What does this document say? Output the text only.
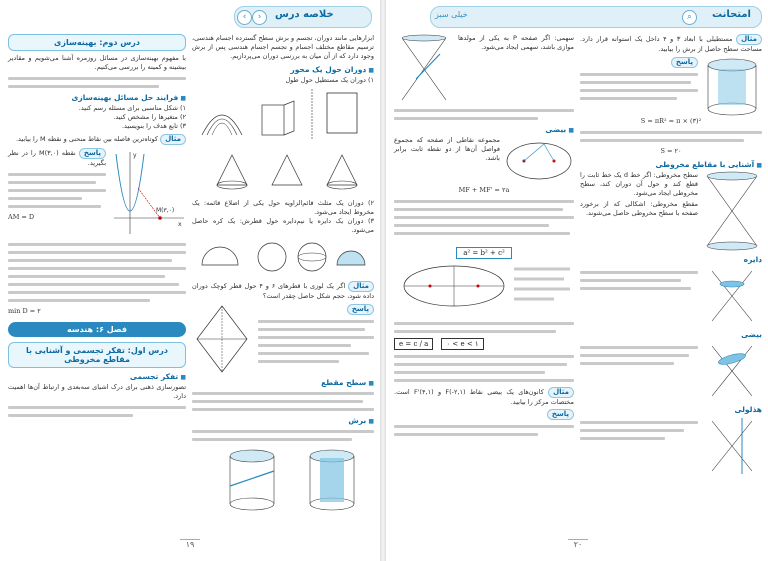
‹	›	خلاصه درس
ابزارهایی مانند دوران، تجسم و برش سطح گسترده اجسام هندسی، ترسیم مقاطع مختلف اجسام و تجسم اجسام هندسی پس از برش وجود دارد که از آن میان به بررسی دوران می‌پردازیم.
■ دوران حول یک محور
۱) دوران یک مستطیل حول طول
۲) دوران یک مثلث قائم‌الزاویه حول یکی از اضلاع قائمه: یک مخروط ایجاد می‌شود.
۳) دوران یک دایره یا نیم‌دایره حول قطرش: یک کره حاصل می‌شود.
مثال اگر یک لوزی با قطرهای ۶ و ۴ حول قطر کوچک دوران داده شود، حجم شکل حاصل چقدر است؟
پاسخ
■ سطح مقطع
■ برش
درس دوم: بهینه‌سازی
با مفهوم بهینه‌سازی در مسائل روزمره آشنا می‌شویم و مقادیر بیشینه و کمینه را بررسی می‌کنیم.
■ فرایند حل مسائل بهینه‌سازی
۱) شکل مناسبی برای مسئله رسم کنید.
۲) متغیرها را مشخص کنید.
۳) تابع هدف را بنویسید.
مثال کوتاه‌ترین فاصله بین نقاط منحنی و نقطه M را بیابید.
پاسخ نقطه M(۳,۰) را در نظر بگیرید.
AM = D
M(۳,۰)
x
y
min D = ۲
فصل ۶: هندسه
درس اول: تفکر تجسمی و آشنایی با مقاطع مخروطی
■ تفکر تجسمی
تصورسازی ذهنی برای درک اشیای سه‌بعدی و ارتباط آن‌ها اهمیت دارد.
۱۹
خیلی سبز	امتحانت
⌕
مثال مستطیلی با ابعاد ۳ و ۴ داخل یک استوانه قرار دارد. مساحت سطح حاصل از برش را بیابید.
پاسخ
S = πR² = π × (۳)²
S = ۲۰
■ آشنایی با مقاطع مخروطی
سطح مخروطی: اگر خط d یک خط ثابت را قطع کند و حول آن دوران کند، سطح مخروطی ایجاد می‌شود.
مقطع مخروطی: اشکالی که از برخورد صفحه با سطح مخروطی حاصل می‌شوند.
دایره
بیضی
هذلولی
سهمی: اگر صفحه P به یکی از مولدها موازی باشد، سهمی ایجاد می‌شود.
■ بیضی
مجموعه نقاطی از صفحه که مجموع فواصل آن‌ها از دو نقطه ثابت برابر باشد.
MF + MF' = ۲a
a² = b² + c²
e = c / a	۰ < e < ۱
مثال کانون‌های یک بیضی نقاط F(-۲,۱) و F'(۴,۱) است. مختصات مرکز را بیابید.
پاسخ
۲۰
